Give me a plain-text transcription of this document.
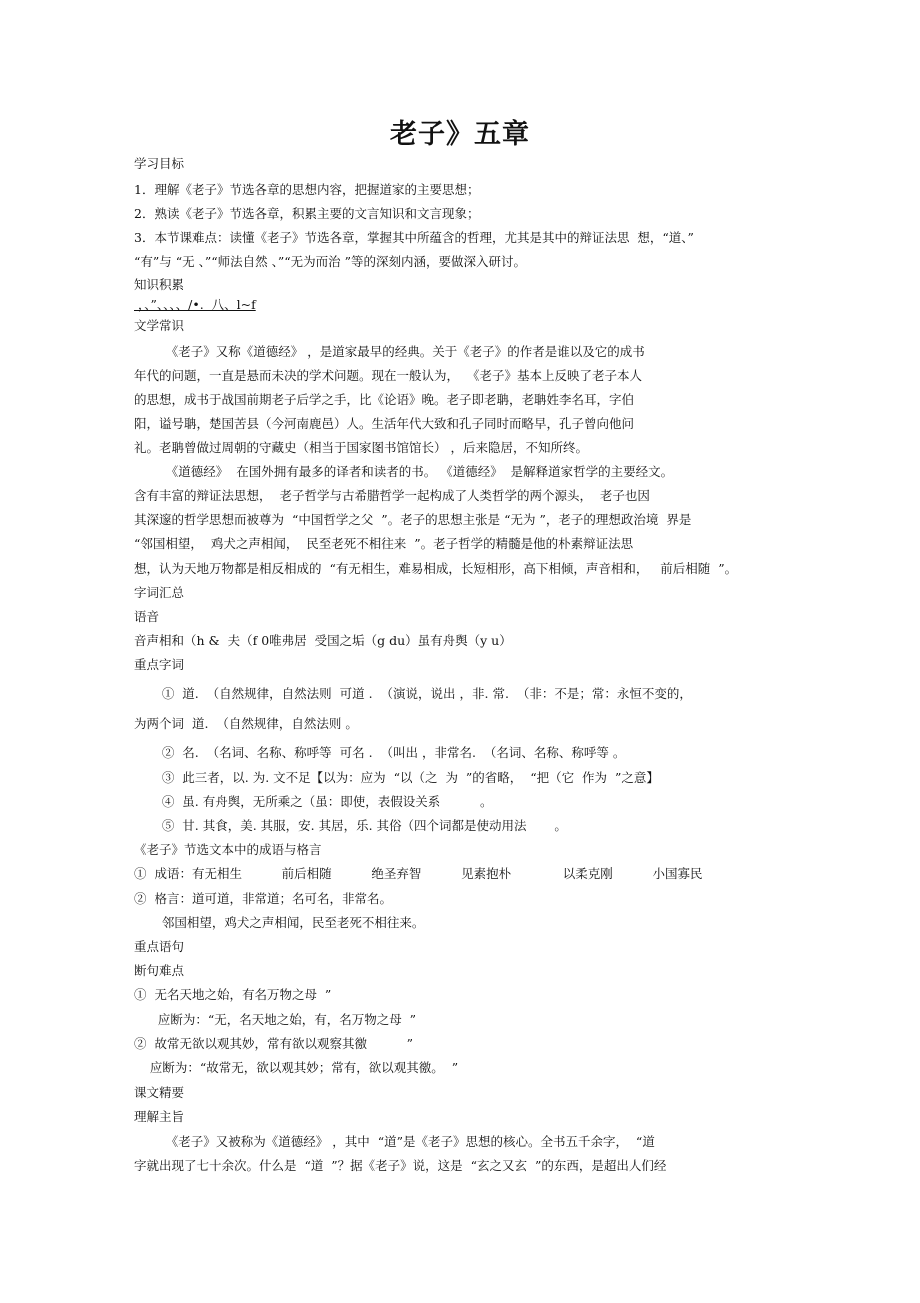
老子》五章
学习目标
1．理解《老子》节选各章的思想内容，把握道家的主要思想；
2．熟读《老子》节选各章，积累主要的文言知识和文言现象；
3．本节课难点：读懂《老子》节选各章，掌握其中所蕴含的哲理，尤其是其中的辩证法思  想，“道、”
“有”与 “无 、”“师法自然 、”“无为而治 ”等的深刻内涵，要做深入研讨。
知识积累
，、”、、、、/•.  八、l~f
文学常识
《老子》又称《道德经》 ，是道家最早的经典。关于《老子》的作者是谁以及它的成书
年代的问题，一直是悬而未决的学术问题。现在一般认为，  《老子》基本上反映了老子本人
的思想，成书于战国前期老子后学之手，比《论语》晚。老子即老聃，老聃姓李名耳，字伯
阳，谥号聃，楚国苦县（今河南鹿邑）人。生活年代大致和孔子同时而略早，孔子曾向他问
礼。老聃曾做过周朝的守藏史（相当于国家图书馆馆长） ，后来隐居，不知所终。
《道德经》  在国外拥有最多的译者和读者的书。 《道德经》  是解释道家哲学的主要经文。
含有丰富的辩证法思想，  老子哲学与古希腊哲学一起构成了人类哲学的两个源头，  老子也因
其深邃的哲学思想而被尊为  “中国哲学之父  ”。老子的思想主张是 “无为 ”，老子的理想政治境  界是
“邻国相望，  鸡犬之声相闻，  民至老死不相往来  ”。老子哲学的精髓是他的朴素辩证法思
想，认为天地万物都是相反相成的  “有无相生，难易相成，长短相形，高下相倾，声音相和，   前后相随  ”。
字词汇总
语音
音声相和（h &  夫（f 0唯弗居  受国之垢（g du）虽有舟舆（y u）
重点字词
①  道.  （自然规律，自然法则  可道 .  （演说，说出 ，非. 常.  （非：不是；常：永恒不变的，
为两个词  道.  （自然规律，自然法则 。
②  名.  （名词、名称、称呼等  可名 .  （叫出 ，非常名.  （名词、名称、称呼等 。
③  此三者，以. 为. 文不足【以为：应为  “以（之  为  ”的省略，  “把（它  作为  ”之意】
④  虽. 有舟舆，无所乘之（虽：即使，表假设关系          。
⑤  甘. 其食，美. 其服，安. 其居，乐. 其俗（四个词都是使动用法       。
《老子》节选文本中的成语与格言
①  成语：有无相生          前后相随          绝圣弃智          见素抱朴             以柔克刚          小国寡民
②  格言：道可道，非常道；名可名，非常名。
邻国相望，鸡犬之声相闻，民至老死不相往来。
重点语句
断句难点
①  无名天地之始，有名万物之母  ”
应断为：“无，名天地之始，有，名万物之母  ”
②  故常无欲以观其妙，常有欲以观察其徼          ”
应断为：“故常无，欲以观其妙；常有，欲以观其徼。  ”
课文精要
理解主旨
《老子》又被称为《道德经》 ，其中  “道”是《老子》思想的核心。全书五千余字，  “道
字就出现了七十余次。什么是  “道  ”？据《老子》说，这是  “玄之又玄  ”的东西，是超出人们经
